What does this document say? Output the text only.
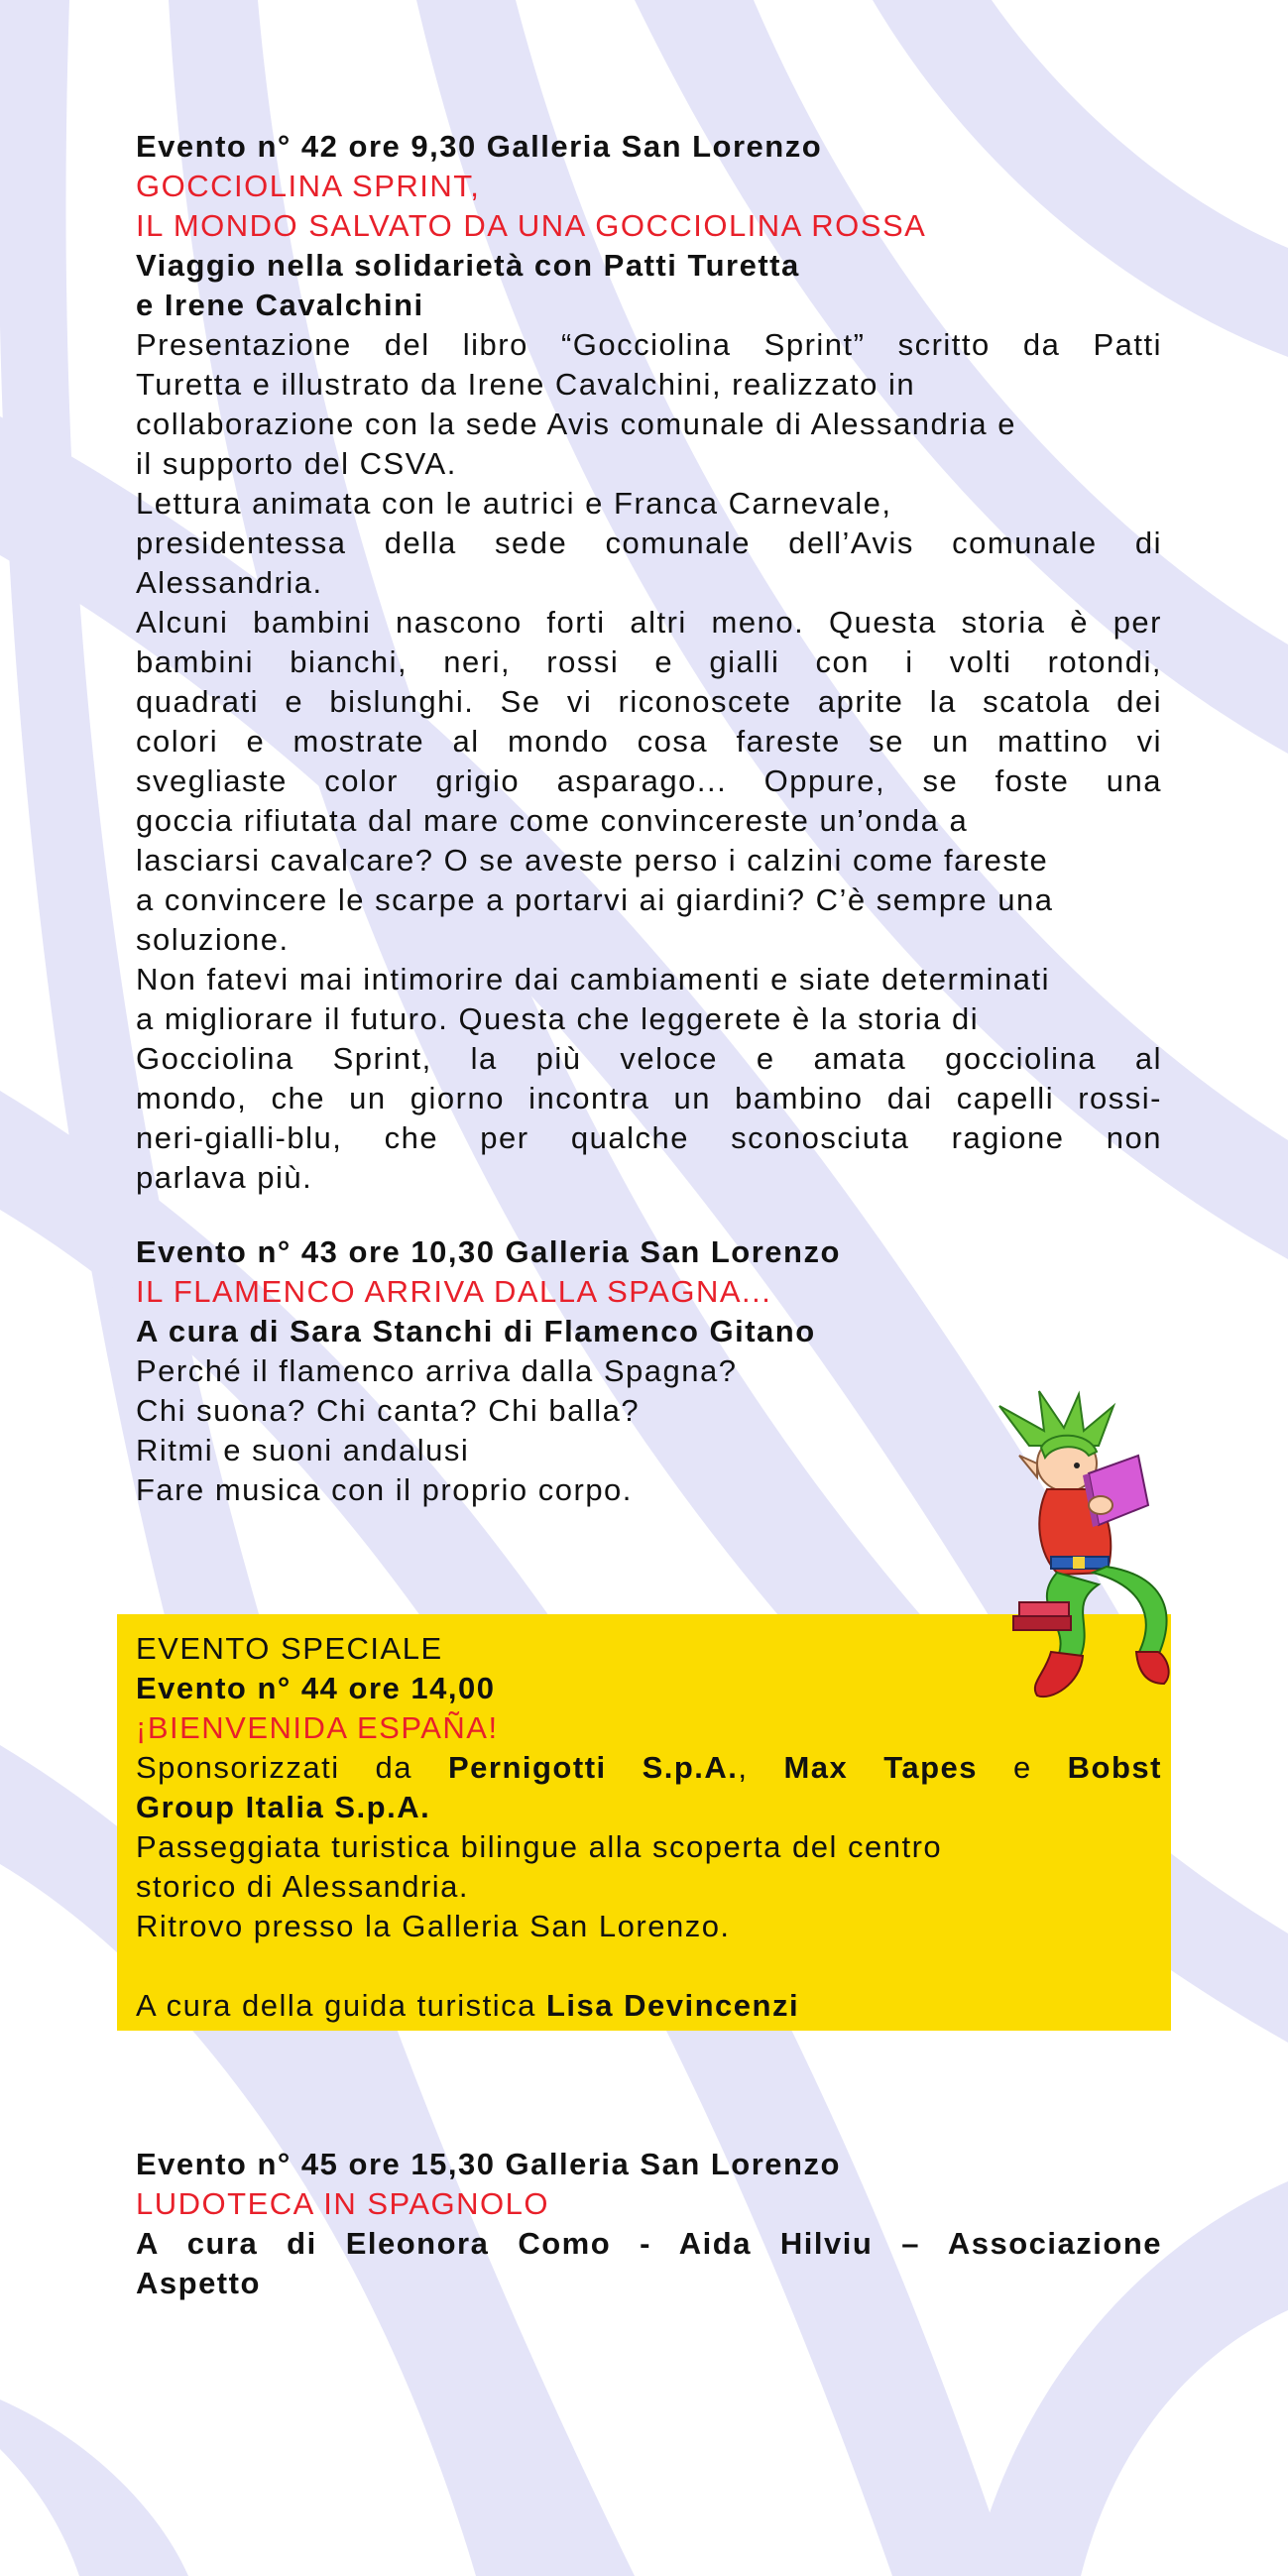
Evento n° 42 ore 9,30 Galleria San Lorenzo
GOCCIOLINA SPRINT,
IL MONDO SALVATO DA UNA GOCCIOLINA ROSSA
Viaggio nella solidarietà con Patti Turetta
e Irene Cavalchini
Presentazione del libro “Gocciolina Sprint” scritto da Patti
Turetta e illustrato da Irene Cavalchini, realizzato in
collaborazione con la sede Avis comunale di Alessandria e
il supporto del CSVA.
Lettura animata con le autrici e Franca Carnevale,
presidentessa della sede comunale dell’Avis comunale di
Alessandria.
Alcuni bambini nascono forti altri meno. Questa storia è per
bambini bianchi, neri, rossi e gialli con i volti rotondi,
quadrati e bislunghi. Se vi riconoscete aprite la scatola dei
colori e mostrate al mondo cosa fareste se un mattino vi
svegliaste color grigio asparago... Oppure, se foste una
goccia rifiutata dal mare come convincereste un’onda a
lasciarsi cavalcare? O se aveste perso i calzini come fareste
a convincere le scarpe a portarvi ai giardini? C’è sempre una
soluzione.
Non fatevi mai intimorire dai cambiamenti e siate determinati
a migliorare il futuro. Questa che leggerete è la storia di
Gocciolina Sprint, la più veloce e amata gocciolina al
mondo, che un giorno incontra un bambino dai capelli rossi-
neri-gialli-blu, che per qualche sconosciuta ragione non
parlava più.
Evento n° 43 ore 10,30 Galleria San Lorenzo
IL FLAMENCO ARRIVA DALLA SPAGNA...
A cura di Sara Stanchi di Flamenco Gitano
Perché il flamenco arriva dalla Spagna?
Chi suona? Chi canta? Chi balla?
Ritmi e suoni andalusi
Fare musica con il proprio corpo.
EVENTO SPECIALE
Evento n° 44 ore 14,00
¡BIENVENIDA ESPAÑA!
Sponsorizzati da Pernigotti S.p.A., Max Tapes e Bobst
Group Italia S.p.A.
Passeggiata turistica bilingue alla scoperta del centro
storico di Alessandria.
Ritrovo presso la Galleria San Lorenzo.
A cura della guida turistica Lisa Devincenzi
Evento n° 45 ore 15,30 Galleria San Lorenzo
LUDOTECA IN SPAGNOLO
A cura di Eleonora Como - Aida Hilviu – Associazione
Aspetto
